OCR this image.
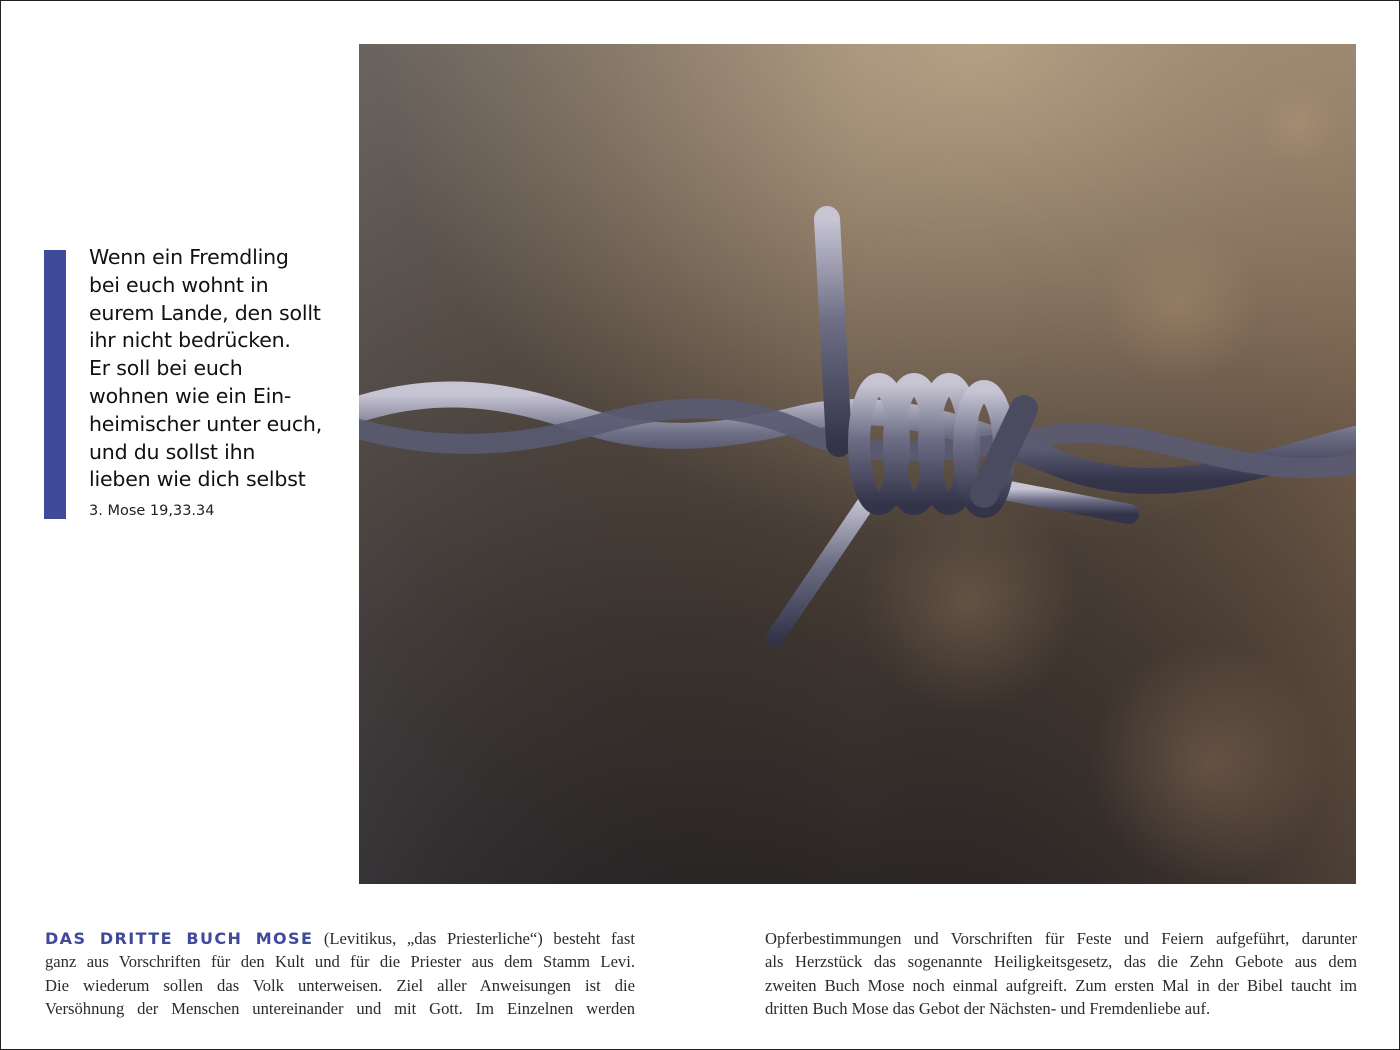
Wenn ein Fremdling
bei euch wohnt in
eurem Lande, den sollt
ihr nicht bedrücken.
Er soll bei euch
wohnen wie ein Ein-
heimischer unter euch,
und du sollst ihn
lieben wie dich selbst
3. Mose 19,33.34
DAS DRITTE BUCH MOSE (Levitikus, „das Priesterliche“) besteht fast
ganz aus Vorschriften für den Kult und für die Priester aus dem Stamm Levi.
Die wiederum sollen das Volk unterweisen. Ziel aller Anweisungen ist die
Versöhnung der Menschen untereinander und mit Gott. Im Einzelnen werden
Opferbestimmungen und Vorschriften für Feste und Feiern aufgeführt, darunter
als Herzstück das sogenannte Heiligkeitsgesetz, das die Zehn Gebote aus dem
zweiten Buch Mose noch einmal aufgreift. Zum ersten Mal in der Bibel taucht im
dritten Buch Mose das Gebot der Nächsten- und Fremdenliebe auf.
